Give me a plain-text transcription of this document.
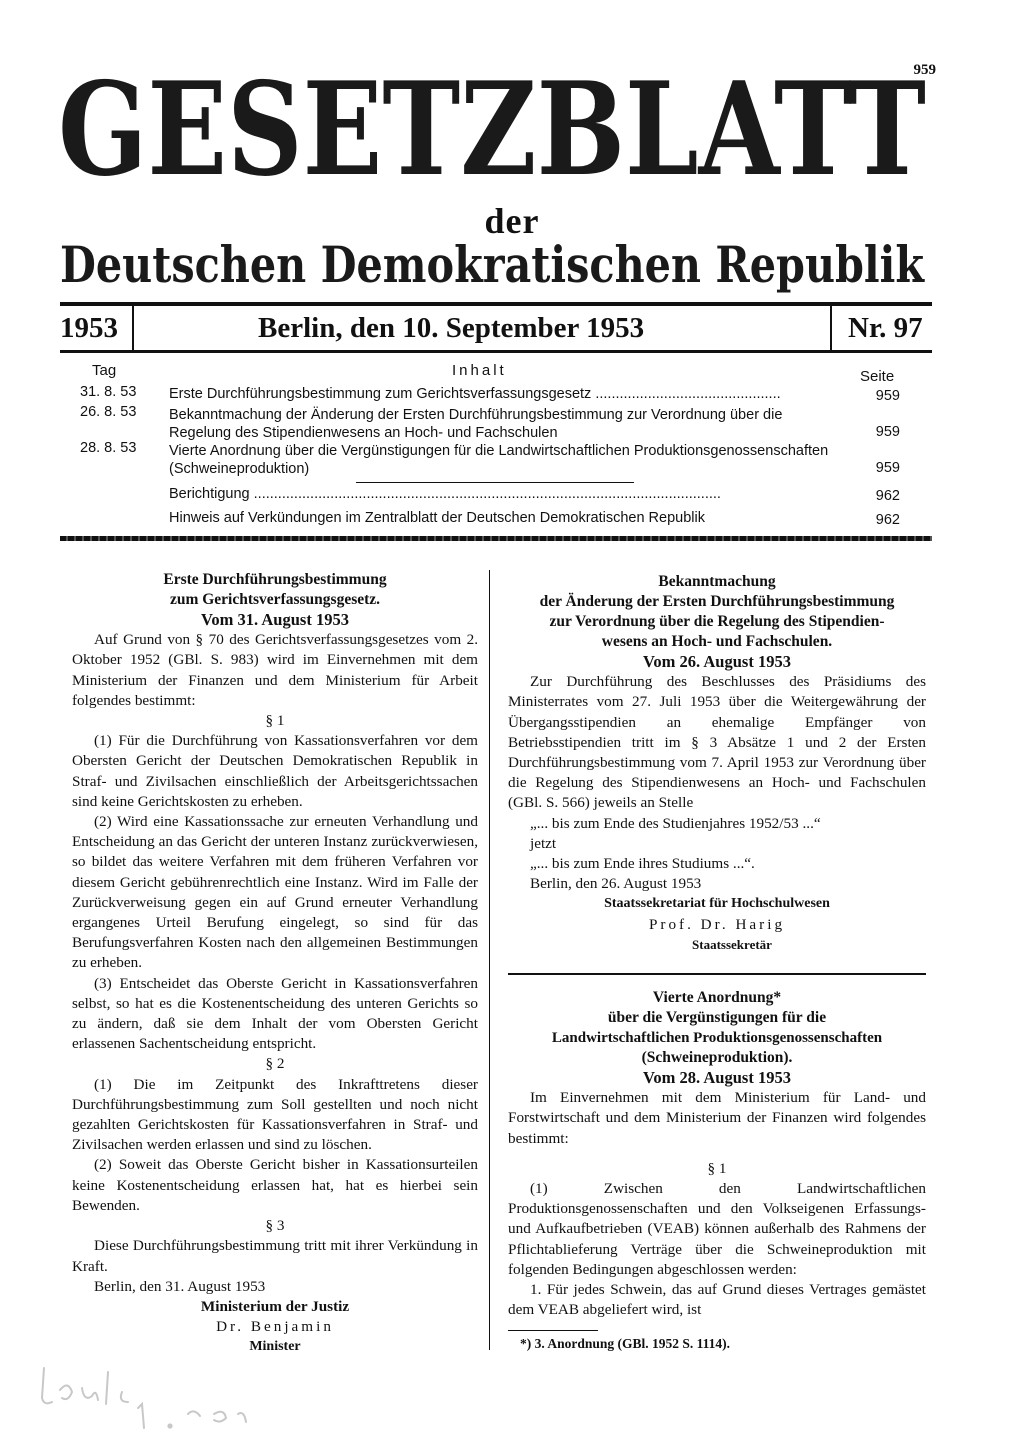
959
GESETZBLATT
der
Deutschen Demokratischen Republik
1953	Berlin, den 10. September 1953	Nr. 97
Tag	Inhalt	Seite
31. 8. 53	Erste Durchführungsbestimmung zum Gerichtsverfassungsgesetz ..............................................	959
26. 8. 53	Bekanntmachung der Änderung der Ersten Durchführungsbestimmung zur Verordnung über die Regelung des Stipendienwesens an Hoch- und Fachschulen	959
28. 8. 53	Vierte Anordnung über die Vergünstigungen für die Landwirtschaftlichen Produktionsgenossenschaften (Schweineproduktion)	959
Berichtigung ....................................................................................................................	962
Hinweis auf Verkündungen im Zentralblatt der Deutschen Demokratischen Republik	962

Erste Durchführungsbestimmung

zum Gerichtsverfassungsgesetz.

Vom 31. August 1953

Auf Grund von § 70 des Gerichtsverfassungsgesetzes vom 2. Oktober 1952 (GBl. S. 983) wird im Einvernehmen mit dem Ministerium der Finanzen und dem Ministerium für Arbeit folgendes bestimmt:

§ 1

(1) Für die Durchführung von Kassationsverfahren vor dem Obersten Gericht der Deutschen Demokratischen Republik in Straf- und Zivilsachen einschließlich der Arbeitsgerichtssachen sind keine Gerichtskosten zu erheben.

(2) Wird eine Kassationssache zur erneuten Verhandlung und Entscheidung an das Gericht der unteren Instanz zurückverwiesen, so bildet das weitere Verfahren mit dem früheren Verfahren vor diesem Gericht gebührenrechtlich eine Instanz. Wird im Falle der Zurückverweisung gegen ein auf Grund erneuter Verhandlung ergangenes Urteil Berufung eingelegt, so sind für das Berufungsverfahren Kosten nach den allgemeinen Bestimmungen zu erheben.

(3) Entscheidet das Oberste Gericht in Kassationsverfahren selbst, so hat es die Kostenentscheidung des unteren Gerichts so zu ändern, daß sie dem Inhalt der vom Obersten Gericht erlassenen Sachentscheidung entspricht.

§ 2

(1) Die im Zeitpunkt des Inkrafttretens dieser Durchführungsbestimmung zum Soll gestellten und noch nicht gezahlten Gerichtskosten für Kassationsverfahren in Straf- und Zivilsachen werden erlassen und sind zu löschen.

(2) Soweit das Oberste Gericht bisher in Kassationsurteilen keine Kostenentscheidung erlassen hat, hat es hierbei sein Bewenden.

§ 3

Diese Durchführungsbestimmung tritt mit ihrer Verkündung in Kraft.

Berlin, den 31. August 1953

Ministerium der Justiz

Dr. Benjamin

Minister

Bekanntmachung

der Änderung der Ersten Durchführungsbestimmung

zur Verordnung über die Regelung des Stipendien-

wesens an Hoch- und Fachschulen.

Vom 26. August 1953

Zur Durchführung des Beschlusses des Präsidiums des Ministerrates vom 27. Juli 1953 über die Weitergewährung der Übergangsstipendien an ehemalige Empfänger von Betriebsstipendien tritt im § 3 Absätze 1 und 2 der Ersten Durchführungsbestimmung vom 7. April 1953 zur Verordnung über die Regelung des Stipendienwesens an Hoch- und Fachschulen (GBl. S. 566) jeweils an Stelle

„... bis zum Ende des Studienjahres 1952/53 ...“

jetzt

„... bis zum Ende ihres Studiums ...“.

Berlin, den 26. August 1953

Staatssekretariat für Hochschulwesen

Prof. Dr. Harig

Staatssekretär

Vierte Anordnung*

über die Vergünstigungen für die

Landwirtschaftlichen Produktionsgenossenschaften

(Schweineproduktion).

Vom 28. August 1953

Im Einvernehmen mit dem Ministerium für Land- und Forstwirtschaft und dem Ministerium der Finanzen wird folgendes bestimmt:

§ 1

(1) Zwischen den Landwirtschaftlichen Produktionsgenossenschaften und den Volkseigenen Erfassungs- und Aufkaufbetrieben (VEAB) können außerhalb des Rahmens der Pflichtablieferung Verträge über die Schweineproduktion mit folgenden Bedingungen abgeschlossen werden:

1. Für jedes Schwein, das auf Grund dieses Vertrages gemästet dem VEAB abgeliefert wird, ist

*) 3. Anordnung (GBl. 1952 S. 1114).
